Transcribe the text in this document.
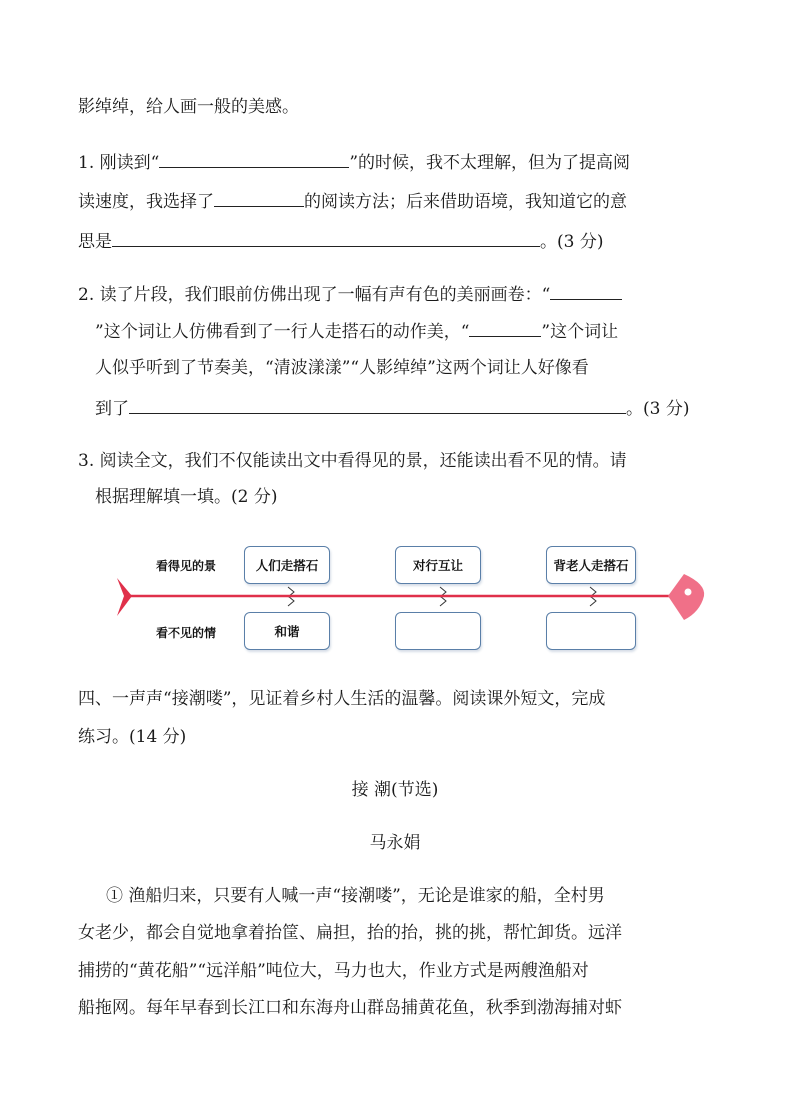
影绰绰，给人画一般的美感。
1. 刚读到“	”的时候，我不太理解，但为了提高阅
读速度，我选择了	的阅读方法；后来借助语境，我知道它的意
思是	。(3 分)
2. 读了片段，我们眼前仿佛出现了一幅有声有色的美丽画卷：“
”这个词让人仿佛看到了一行人走搭石的动作美，“	”这个词让
人似乎听到了节奏美，“清波漾漾”“人影绰绰”这两个词让人好像看
到了	。(3 分)
3. 阅读全文，我们不仅能读出文中看得见的景，还能读出看不见的情。请
根据理解填一填。(2 分)
看得见的景
看不见的情
人们走搭石	对行互让	背老人走搭石
和谐
四、一声声“接潮喽”，见证着乡村人生活的温馨。阅读课外短文，完成
练习。(14 分)
接 潮(节选)
马永娟
① 渔船归来，只要有人喊一声“接潮喽”，无论是谁家的船，全村男
女老少，都会自觉地拿着抬筐、扁担，抬的抬，挑的挑，帮忙卸货。远洋
捕捞的“黄花船”“远洋船”吨位大，马力也大，作业方式是两艘渔船对
船拖网。每年早春到长江口和东海舟山群岛捕黄花鱼，秋季到渤海捕对虾
